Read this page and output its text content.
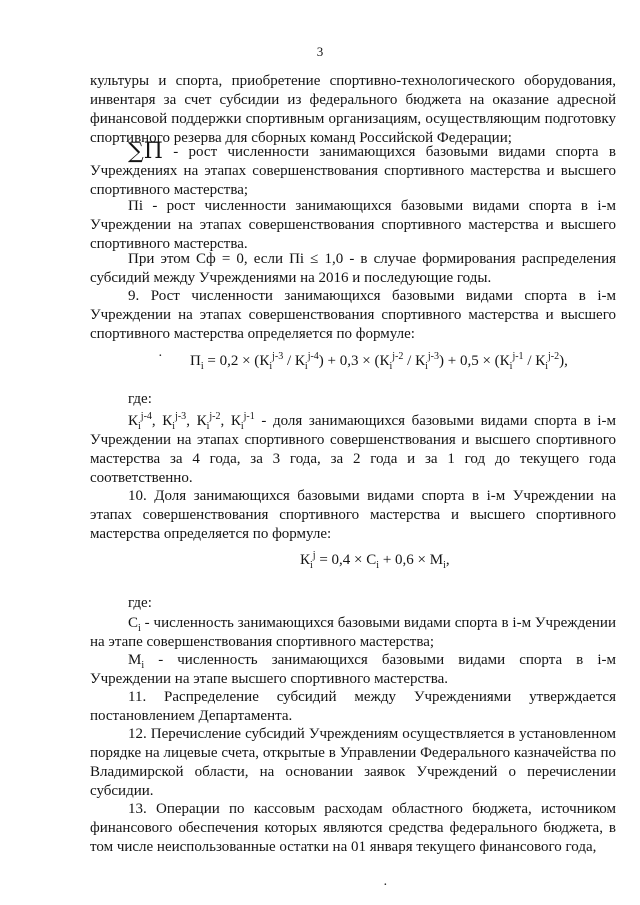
3
культуры и спорта, приобретение спортивно-технологического оборудования, инвентаря за счет субсидии из федерального бюджета на оказание адресной финансовой поддержки спортивным организациям, осуществляющим подготовку спортивного резерва для сборных команд Российской Федерации;
∑П - рост численности занимающихся базовыми видами спорта в Учреждениях на этапах совершенствования спортивного мастерства и высшего спортивного мастерства;
Пi - рост численности занимающихся базовыми видами спорта в i-м Учреждении на этапах совершенствования спортивного мастерства и высшего спортивного мастерства.
При этом Сф = 0, если Пi ≤ 1,0 - в случае формирования распределения субсидий между Учреждениями на 2016 и последующие годы.
9. Рост численности занимающихся базовыми видами спорта в i-м Учреждении на этапах совершенствования спортивного мастерства и высшего спортивного мастерства определяется по формуле:
$П_i = 0,2 \times (К_i^{j-3} / К_i^{j-4}) + 0,3 \times (К_i^{j-2} / К_i^{j-3}) + 0,5 \times (К_i^{j-1} / К_i^{j-2})$,
где:
$К_i^{j-4}$, $К_i^{j-3}$, $К_i^{j-2}$, $К_i^{j-1}$ - доля занимающихся базовыми видами спорта в i-м Учреждении на этапах спортивного совершенствования и высшего спортивного мастерства за 4 года, за 3 года, за 2 года и за 1 год до текущего года соответственно.
10. Доля занимающихся базовыми видами спорта в i-м Учреждении на этапах совершенствования спортивного мастерства и высшего спортивного мастерства определяется по формуле:
$К_i^j = 0,4 \times С_i + 0,6 \times М_i$,
где:
$С_i$ - численность занимающихся базовыми видами спорта в i-м Учреждении на этапе совершенствования спортивного мастерства;
$М_i$ - численность занимающихся базовыми видами спорта в i-м Учреждении на этапе высшего спортивного мастерства.
11. Распределение субсидий между Учреждениями утверждается постановлением Департамента.
12. Перечисление субсидий Учреждениям осуществляется в установленном порядке на лицевые счета, открытые в Управлении Федерального казначейства по Владимирской области, на основании заявок Учреждений о перечислении субсидии.
13. Операции по кассовым расходам областного бюджета, источником финансового обеспечения которых являются средства федерального бюджета, в том числе неиспользованные остатки на 01 января текущего финансового года,
·
·
